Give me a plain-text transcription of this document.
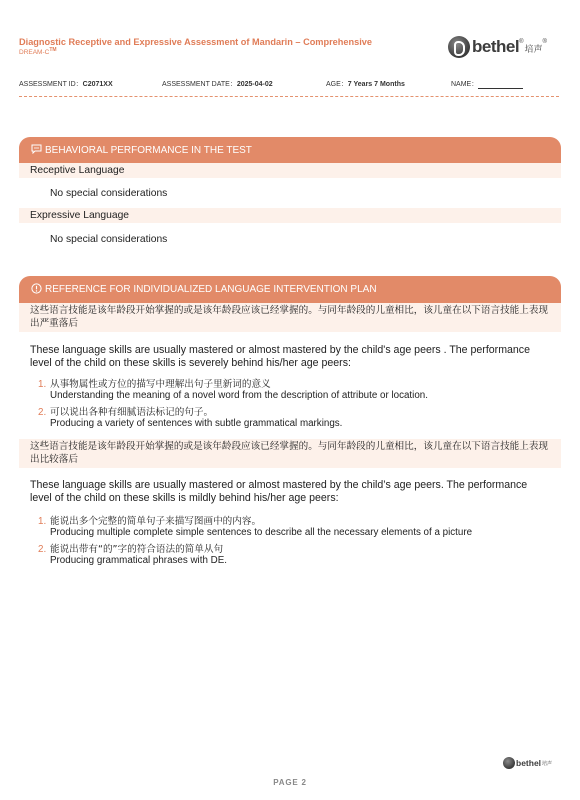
Diagnostic Receptive and Expressive Assessment of Mandarin – Comprehensive
DREAM-C™	bethel®
培声
®
ASSESSMENT ID：C2071XX	ASSESSMENT DATE：2025-04-02	AGE：7 Years 7 Months	NAME：
BEHAVIORAL PERFORMANCE IN THE TEST
Receptive Language
No special considerations
Expressive Language
No special considerations
REFERENCE FOR INDIVIDUALIZED LANGUAGE INTERVENTION PLAN
这些语言技能是该年龄段开始掌握的或是该年龄段应该已经掌握的。与同年龄段的儿童相比，该儿童在以下语言技能上表现出严重落后
These language skills are usually mastered or almost mastered by the child's age peers . The performance level of the child on these skills is severely behind his/her age peers:
1. 从事物属性或方位的描写中理解出句子里新词的意义
Understanding the meaning of a novel word from the description of attribute or location.
2. 可以说出各种有细腻语法标记的句子。
Producing a variety of sentences with subtle grammatical markings.
这些语言技能是该年龄段开始掌握的或是该年龄段应该已经掌握的。与同年龄段的儿童相比，该儿童在以下语言技能上表现出比较落后
These language skills are usually mastered or almost mastered by the child’s age peers. The performance level of the child on these skills is mildly behind his/her age peers:
1. 能说出多个完整的简单句子来描写图画中的内容。
Producing multiple complete simple sentences to describe all the necessary elements of a picture
2. 能说出带有“的”字的符合语法的简单从句
Producing grammatical phrases with DE.
bethel 培声
PAGE 2
